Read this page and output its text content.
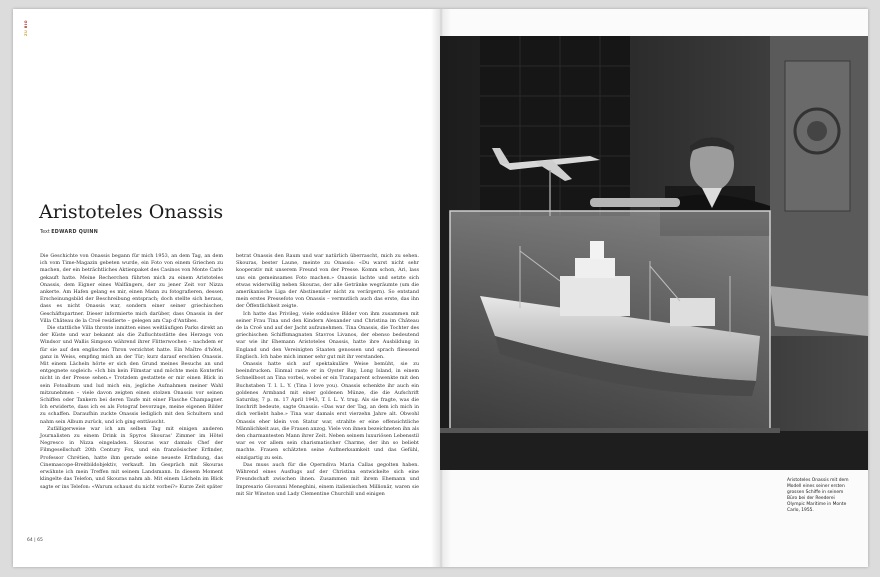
ZU BIO
Aristoteles Onassis
Text EDWARD QUINN

Die Geschichte von Onassis begann für mich 1953, an dem Tag, an dem ich vom Time-Magazin gebeten wurde, ein Foto von einem Griechen zu machen, der ein beträchtliches Aktienpaket des Casinos von Monte Carlo gekauft hatte. Meine Recherchen führten mich zu einem Aristoteles Onassis, dem Eigner eines Walfängers, der zu jener Zeit vor Nizza ankerte. Am Hafen gelang es mir, einen Mann zu fotografieren, dessen Erscheinungsbild der Beschreibung entsprach; doch stellte sich heraus, dass es nicht Onassis war, sondern einer seiner griechischen Geschäftspartner. Dieser informierte mich darüber, dass Onassis in der Villa Château de la Croë residierte – gelegen am Cap d'Antibes.

Die stattliche Villa thronte inmitten eines weitläufigen Parks direkt an der Küste und war bekannt als die Zufluchtsstätte des Herzogs von Windsor und Wallis Simpson während ihrer Flitterwochen – nachdem er für sie auf den englischen Thron verzichtet hatte. Ein Maître d'hôtel, ganz in Weiss, empfing mich an der Tür; kurz darauf erschien Onassis. Mit einem Lächeln hörte er sich den Grund meines Besuchs an und entgegnete sogleich: «Ich bin kein Filmstar und möchte mein Konterfei nicht in der Presse sehen.» Trotzdem gestattete er mir einen Blick in sein Fotoalbum und lud mich ein, jegliche Aufnahmen meiner Wahl mitzunehmen – viele davon zeigten einen stolzen Onassis vor seinen Schiffen oder Tankern bei deren Taufe mit einer Flasche Champagner. Ich erwiderte, dass ich es als Fotograf bevorzuge, meine eigenen Bilder zu schaffen. Daraufhin zuckte Onassis lediglich mit den Schultern und nahm sein Album zurück, und ich ging enttäuscht.

Zufälligerweise war ich am selben Tag mit einigen anderen Journalisten zu einem Drink in Spyros Skouras' Zimmer im Hôtel Negresco in Nizza eingeladen. Skouras war damals Chef der Filmgesellschaft 20th Century Fox, und ein französischer Erfinder, Professor Chrétien, hatte ihm gerade seine neueste Erfindung, das Cinemascope-Breitbildobjektiv, verkauft. Im Gespräch mit Skouras erwähnte ich mein Treffen mit seinem Landsmann. In diesem Moment klingelte das Telefon, und Skouras nahm ab. Mit einem Lächeln im Blick sagte er ins Telefon: «Warum schaust du nicht vorbei?» Kurze Zeit später

betrat Onassis den Raum und war natürlich überrascht, mich zu sehen. Skouras, bester Laune, meinte zu Onassis: «Du warst nicht sehr kooperativ mit unserem Freund von der Presse. Komm schon, Ari, lass uns ein gemeinsames Foto machen.» Onassis lachte und setzte sich etwas widerwillig neben Skouras, der alle Getränke wegräumte (um die amerikanische Liga der Abstinenzler nicht zu verärgern). So entstand mein erstes Pressefoto von Onassis – vermutlich auch das erste, das ihn der Öffentlichkeit zeigte.

Ich hatte das Privileg, viele exklusive Bilder von ihm zusammen mit seiner Frau Tina und den Kindern Alexander und Christina im Château de la Croë und auf der Jacht aufzunehmen. Tina Onassis, die Tochter des griechischen Schiffsmagnaten Stavros Livanos, der ebenso bedeutend war wie ihr Ehemann Aristoteles Onassis, hatte ihre Ausbildung in England und den Vereinigten Staaten genossen und sprach fliessend Englisch. Ich habe mich immer sehr gut mit ihr verstanden.

Onassis hatte sich auf spektakuläre Weise bemüht, sie zu beeindrucken. Einmal raste er in Oyster Bay, Long Island, in einem Schnellboot an Tina vorbei, wobei er ein Transparent schwenkte mit den Buchstaben T. I. L. Y. (Tina I love you). Onassis schenkte ihr auch ein goldenes Armband mit einer goldenen Münze, die die Aufschrift Saturday, 7 p. m. 17 April 1943, T. I. L. Y. trug. Als sie fragte, was die Inschrift bedeute, sagte Onassis: «Das war der Tag, an dem ich mich in dich verliebt habe.» Tina war damals erst vierzehn Jahre alt. Obwohl Onassis eher klein von Statur war, strahlte er eine offensichtliche Männlichkeit aus, die Frauen anzog. Viele von ihnen bezeichneten ihn als den charmantesten Mann ihrer Zeit. Neben seinem luxuriösen Lebensstil war es vor allem sein charismatischer Charme, der ihn so beliebt machte. Frauen schätzten seine Aufmerksamkeit und das Gefühl, einzigartig zu sein.

Das muss auch für die Operndiva Maria Callas gegolten haben. Während eines Ausflugs auf der Christina entwickelte sich eine Freundschaft zwischen ihnen. Zusammen mit ihrem Ehemann und Impresario Giovanni Meneghini, einem italienischen Millionär, waren sie mit Sir Winston und Lady Clementine Churchill und einigen

64 | 65
Aristoteles Onassis mit dem Modell eines seiner ersten grossen Schiffe in seinem Büro bei der Reederei Olympic Maritime in Monte Carlo, 1955.
